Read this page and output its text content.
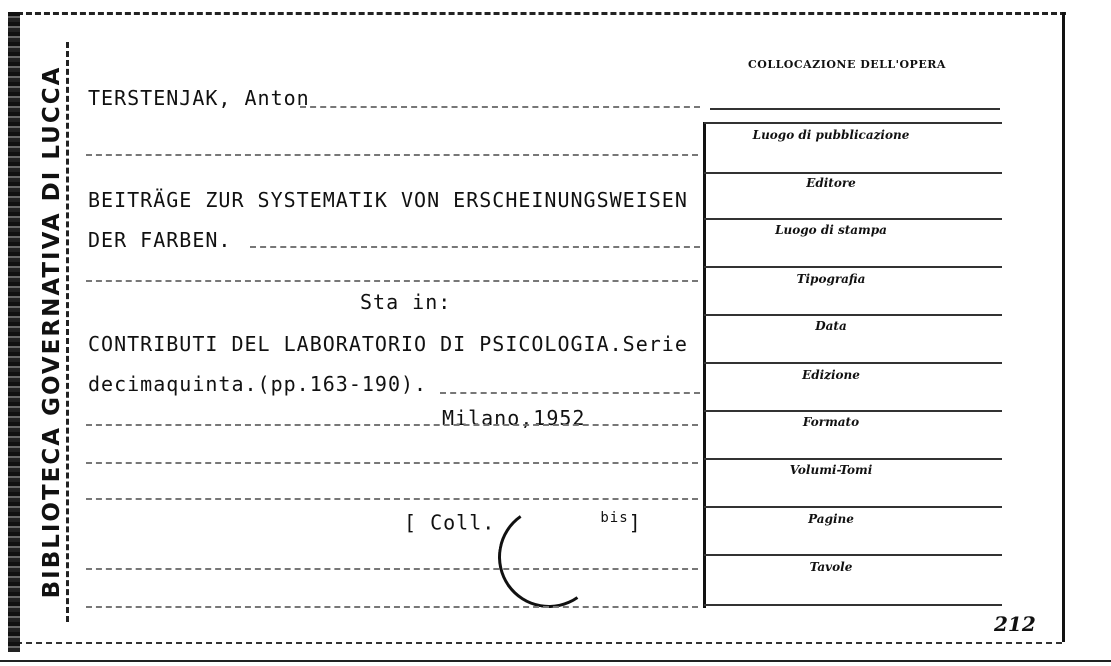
BIBLIOTECA GOVERNATIVA DI LUCCA TERSTENJAK, Anton
BEITRÄGE ZUR SYSTEMATIK VON ERSCHEINUNGSWEISEN
DER FARBEN.
Sta in:
CONTRIBUTI DEL LABORATORIO DI PSICOLOGIA.Serie
decimaquinta.(pp.163-190).
Milano,1952
[ Coll.	$^{bis}$]
COLLOCAZIONE DELL'OPERA
Luogo di pubblicazione
Editore
Luogo di stampa
Tipografia
Data
Edizione
Formato
Volumi-Tomi
Pagine
Tavole
212
